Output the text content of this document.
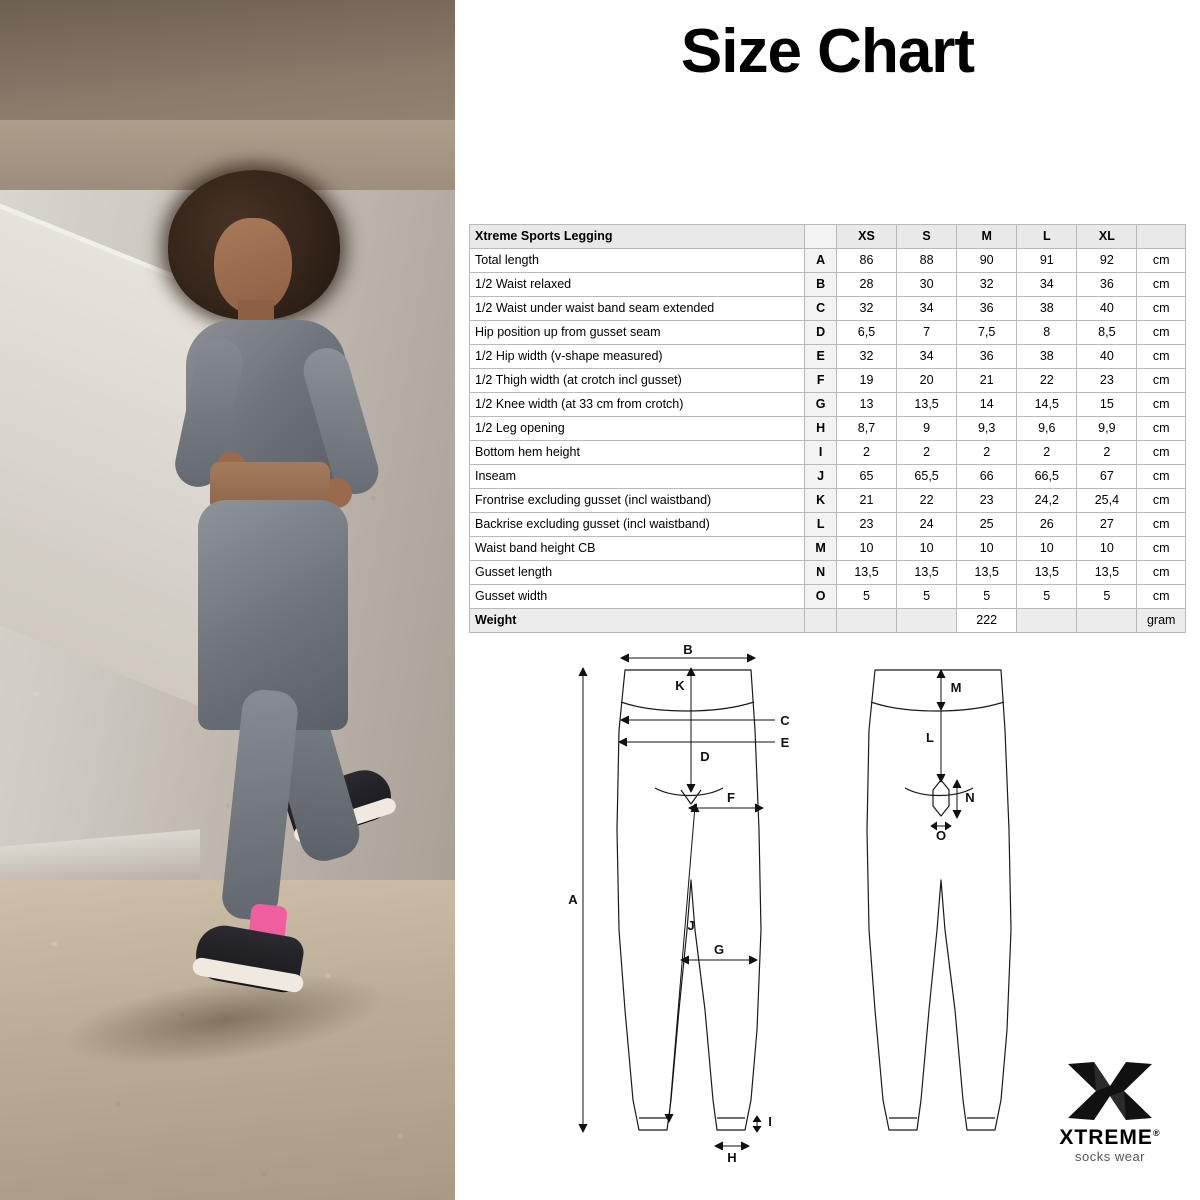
Size Chart
Xtreme Sports Legging		XS	S	M	L	XL	
Total length	A	86	88	90	91	92	cm
1/2 Waist relaxed	B	28	30	32	34	36	cm
1/2 Waist under waist band seam extended	C	32	34	36	38	40	cm
Hip position up from gusset seam	D	6,5	7	7,5	8	8,5	cm
1/2 Hip width (v-shape measured)	E	32	34	36	38	40	cm
1/2 Thigh width (at crotch incl gusset)	F	19	20	21	22	23	cm
1/2 Knee width (at 33 cm from crotch)	G	13	13,5	14	14,5	15	cm
1/2 Leg opening	H	8,7	9	9,3	9,6	9,9	cm
Bottom hem height	I	2	2	2	2	2	cm
Inseam	J	65	65,5	66	66,5	67	cm
Frontrise excluding gusset (incl waistband)	K	21	22	23	24,2	25,4	cm
Backrise excluding gusset (incl waistband)	L	23	24	25	26	27	cm
Waist band height CB	M	10	10	10	10	10	cm
Gusset length	N	13,5	13,5	13,5	13,5	13,5	cm
Gusset width	O	5	5	5	5	5	cm
Weight				222			gram
B
K
C
E
D
F
A
J
G
I
H
M
L
N
O
XTREME®
socks wear
